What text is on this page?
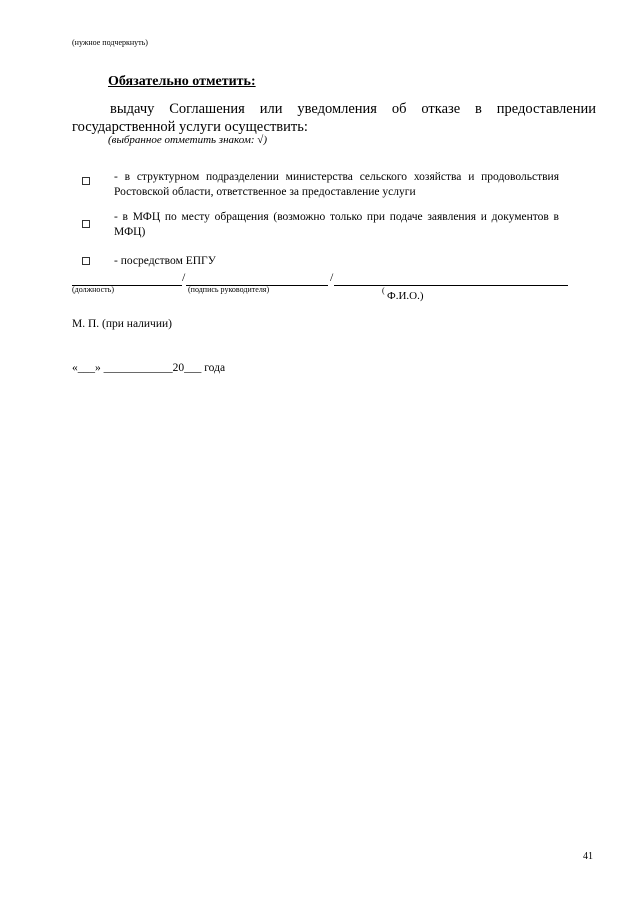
(нужное подчеркнуть)
Обязательно отметить:
выдачу Соглашения или уведомления об отказе в предоставлении государственной услуги осуществить:
(выбранное отметить знаком: √)
- в структурном подразделении министерства сельского хозяйства и продовольствия Ростовской области, ответственное за предоставление услуги
- в МФЦ по месту обращения (возможно только при подаче заявления и документов в МФЦ)
- посредством ЕПГУ
/	/
(должность)	(подпись руководителя)	( Ф.И.О.)
М. П. (при наличии)
«___» ____________20___ года
41
